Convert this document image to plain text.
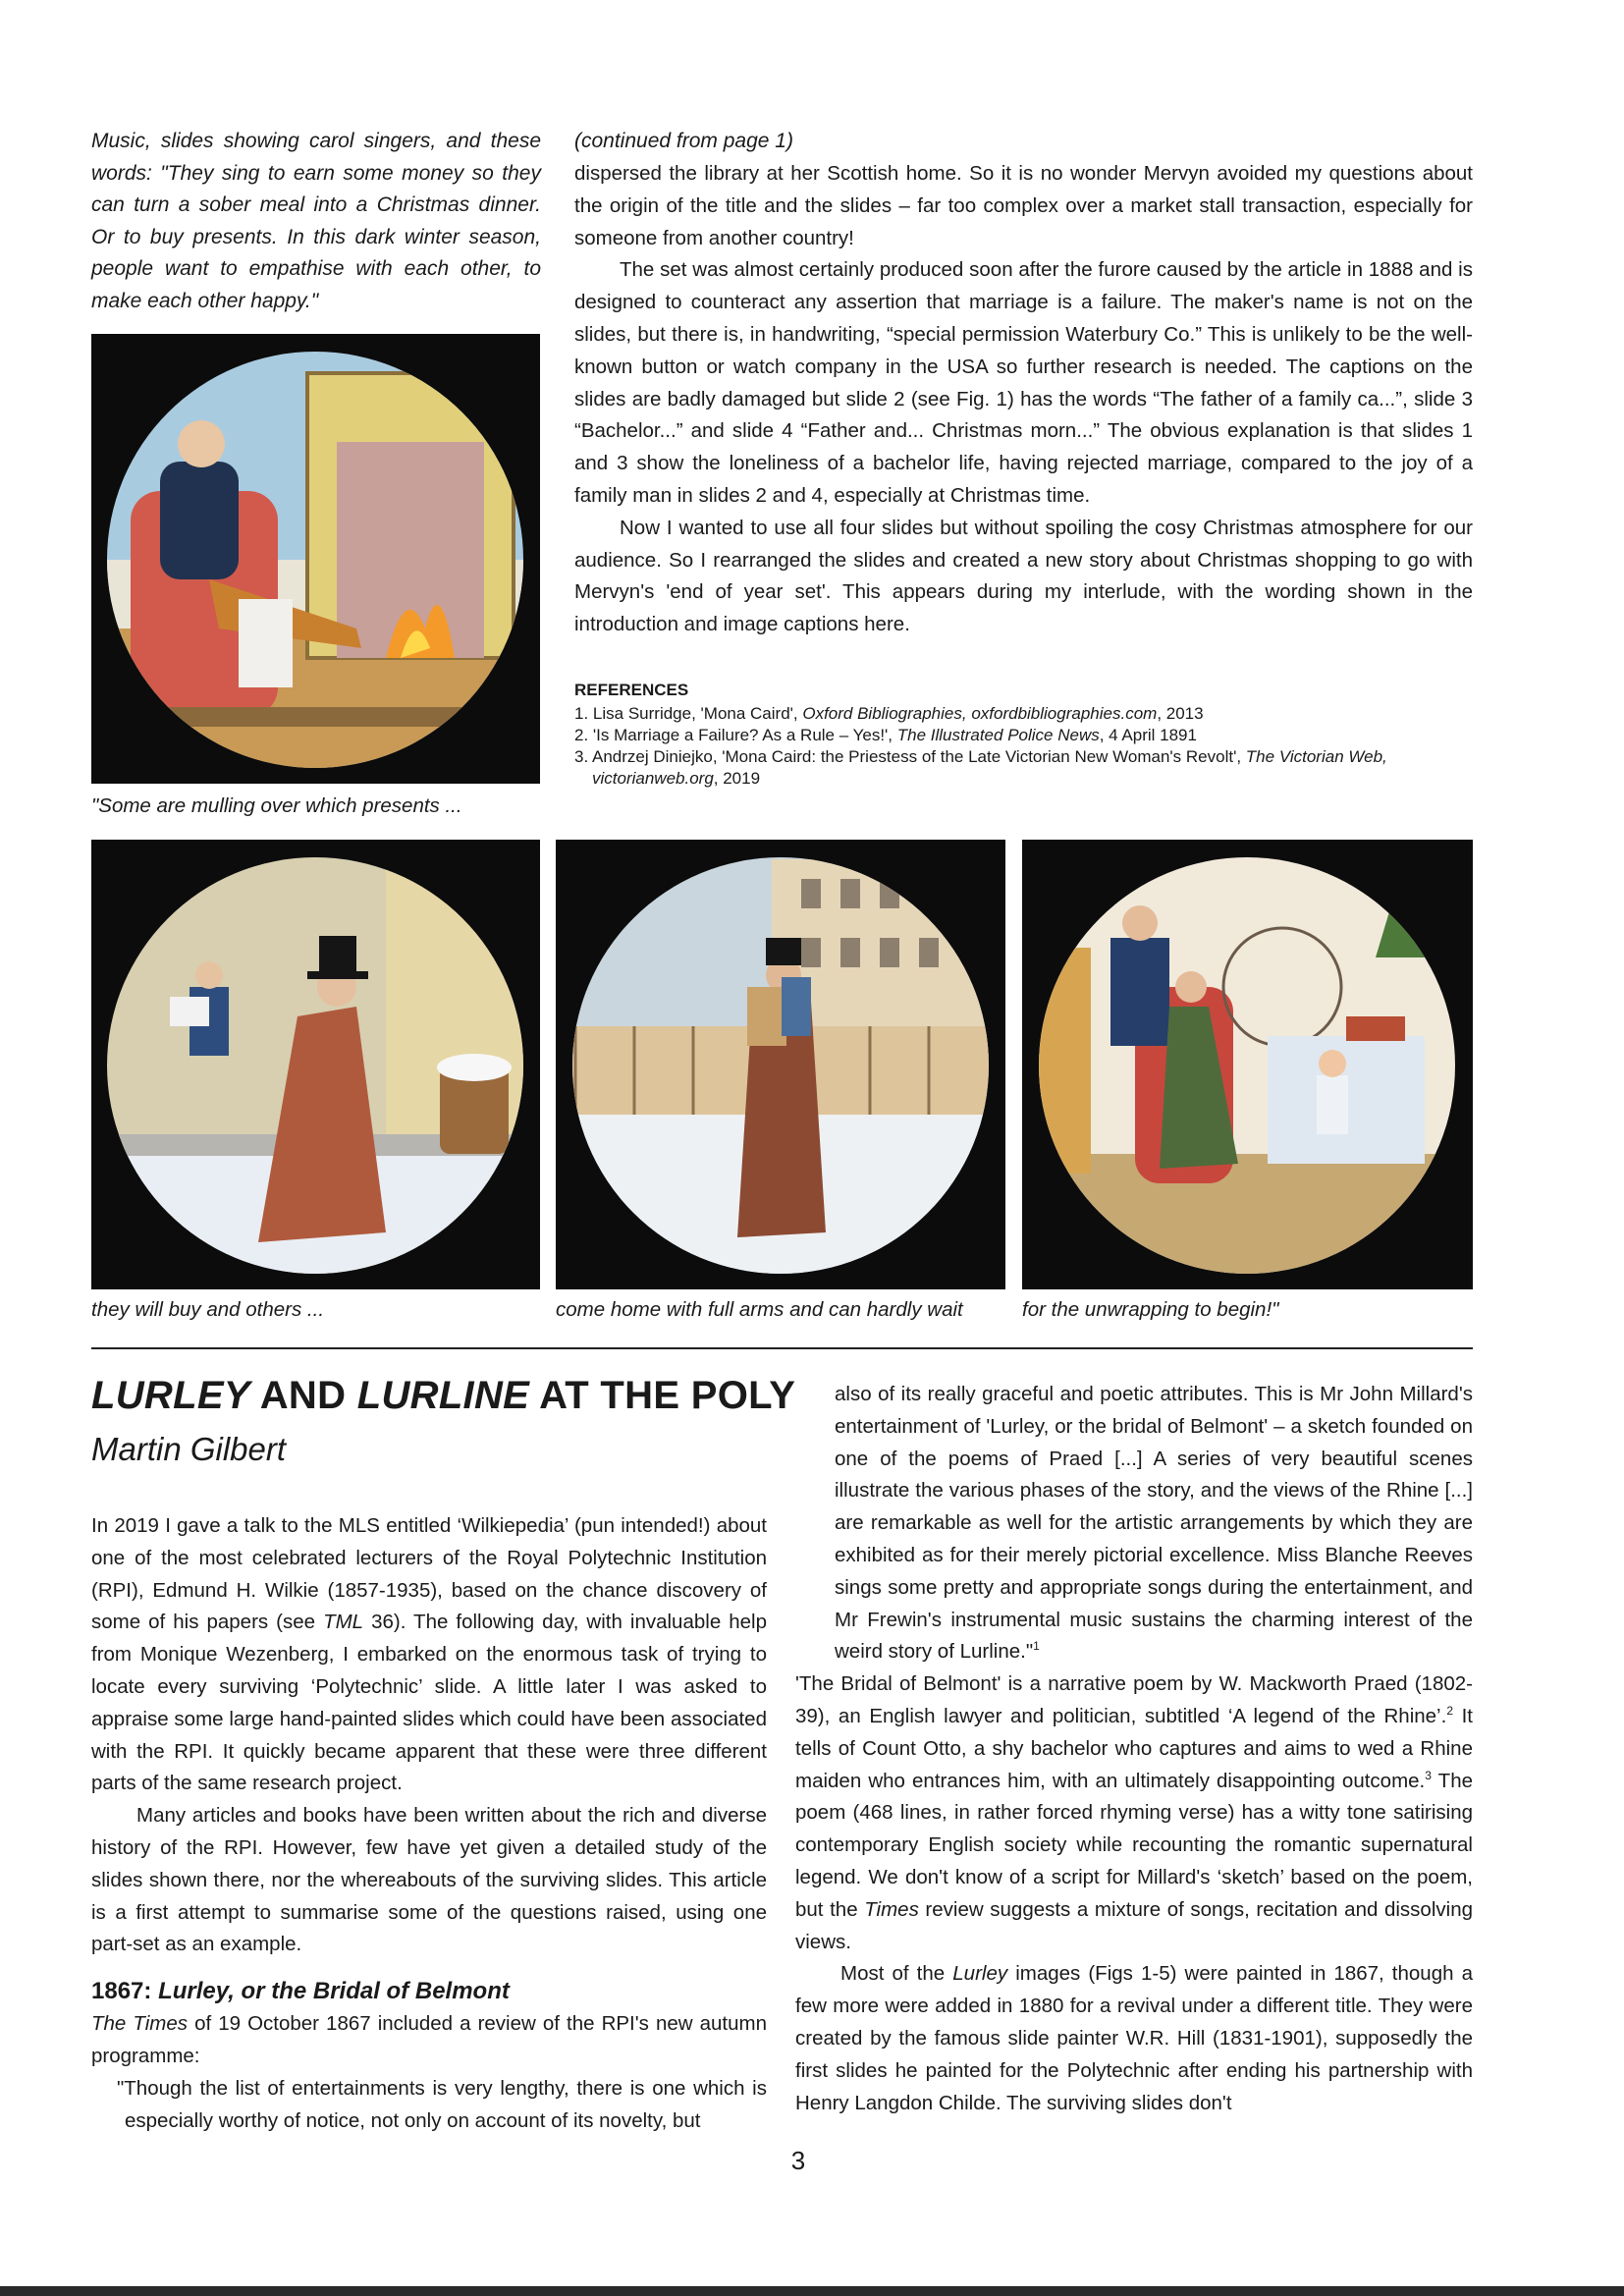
Music, slides showing carol singers, and these words: "They sing to earn some money so they can turn a sober meal into a Christmas dinner. Or to buy presents. In this dark winter season, people want to empathise with each other, to make each other happy."
(continued from page 1)

dispersed the library at her Scottish home. So it is no wonder Mervyn avoided my questions about the origin of the title and the slides – far too complex over a market stall transaction, especially for someone from another country!

The set was almost certainly produced soon after the furore caused by the article in 1888 and is designed to counteract any assertion that marriage is a failure. The maker's name is not on the slides, but there is, in handwriting, “special permission Waterbury Co.” This is unlikely to be the well-known button or watch company in the USA so further research is needed. The captions on the slides are badly damaged but slide 2 (see Fig. 1) has the words “The father of a family ca...”, slide 3 “Bachelor...” and slide 4 “Father and... Christmas morn...” The obvious explanation is that slides 1 and 3 show the loneliness of a bachelor life, having rejected marriage, compared to the joy of a family man in slides 2 and 4, especially at Christmas time.

Now I wanted to use all four slides but without spoiling the cosy Christmas atmosphere for our audience. So I rearranged the slides and created a new story about Christmas shopping to go with Mervyn's 'end of year set'. This appears during my interlude, with the wording shown in the introduction and image captions here.

REFERENCES
1. Lisa Surridge, 'Mona Caird', Oxford Bibliographies, oxfordbibliographies.com, 2013
2. 'Is Marriage a Failure? As a Rule – Yes!', The Illustrated Police News, 4 April 1891
3. Andrzej Diniejko, 'Mona Caird: the Priestess of the Late Victorian New Woman's Revolt', The Victorian Web, victorianweb.org, 2019
"Some are mulling over which presents ...
they will buy and others ...	come home with full arms and can hardly wait	for the unwrapping to begin!"
LURLEY AND LURLINE AT THE POLY
Martin Gilbert

In 2019 I gave a talk to the MLS entitled ‘Wilkiepedia’ (pun intended!) about one of the most celebrated lecturers of the Royal Polytechnic Institution (RPI), Edmund H. Wilkie (1857-1935), based on the chance discovery of some of his papers (see TML 36). The following day, with invaluable help from Monique Wezenberg, I embarked on the enormous task of trying to locate every surviving ‘Polytechnic’ slide. A little later I was asked to appraise some large hand-painted slides which could have been associated with the RPI. It quickly became apparent that these were three different parts of the same research project.

Many articles and books have been written about the rich and diverse history of the RPI. However, few have yet given a detailed study of the slides shown there, nor the whereabouts of the surviving slides. This article is a first attempt to summarise some of the questions raised, using one part-set as an example.

1867: Lurley, or the Bridal of Belmont

The Times of 19 October 1867 included a review of the RPI's new autumn programme:

"Though the list of entertainments is very lengthy, there is one which is especially worthy of notice, not only on account of its novelty, but

also of its really graceful and poetic attributes. This is Mr John Millard's entertainment of 'Lurley, or the bridal of Belmont' – a sketch founded on one of the poems of Praed [...] A series of very beautiful scenes illustrate the various phases of the story, and the views of the Rhine [...] are remarkable as well for the artistic arrangements by which they are exhibited as for their merely pictorial excellence. Miss Blanche Reeves sings some pretty and appropriate songs during the entertainment, and Mr Frewin's instrumental music sustains the charming interest of the weird story of Lurline."$^1$

'The Bridal of Belmont' is a narrative poem by W. Mackworth Praed (1802-39), an English lawyer and politician, subtitled ‘A legend of the Rhine’.$^2$ It tells of Count Otto, a shy bachelor who captures and aims to wed a Rhine maiden who entrances him, with an ultimately disappointing outcome.$^3$ The poem (468 lines, in rather forced rhyming verse) has a witty tone satirising contemporary English society while recounting the romantic supernatural legend. We don't know of a script for Millard's ‘sketch’ based on the poem, but the Times review suggests a mixture of songs, recitation and dissolving views.

Most of the Lurley images (Figs 1-5) were painted in 1867, though a few more were added in 1880 for a revival under a different title. They were created by the famous slide painter W.R. Hill (1831-1901), supposedly the first slides he painted for the Polytechnic after ending his partnership with Henry Langdon Childe. The surviving slides don't

3
